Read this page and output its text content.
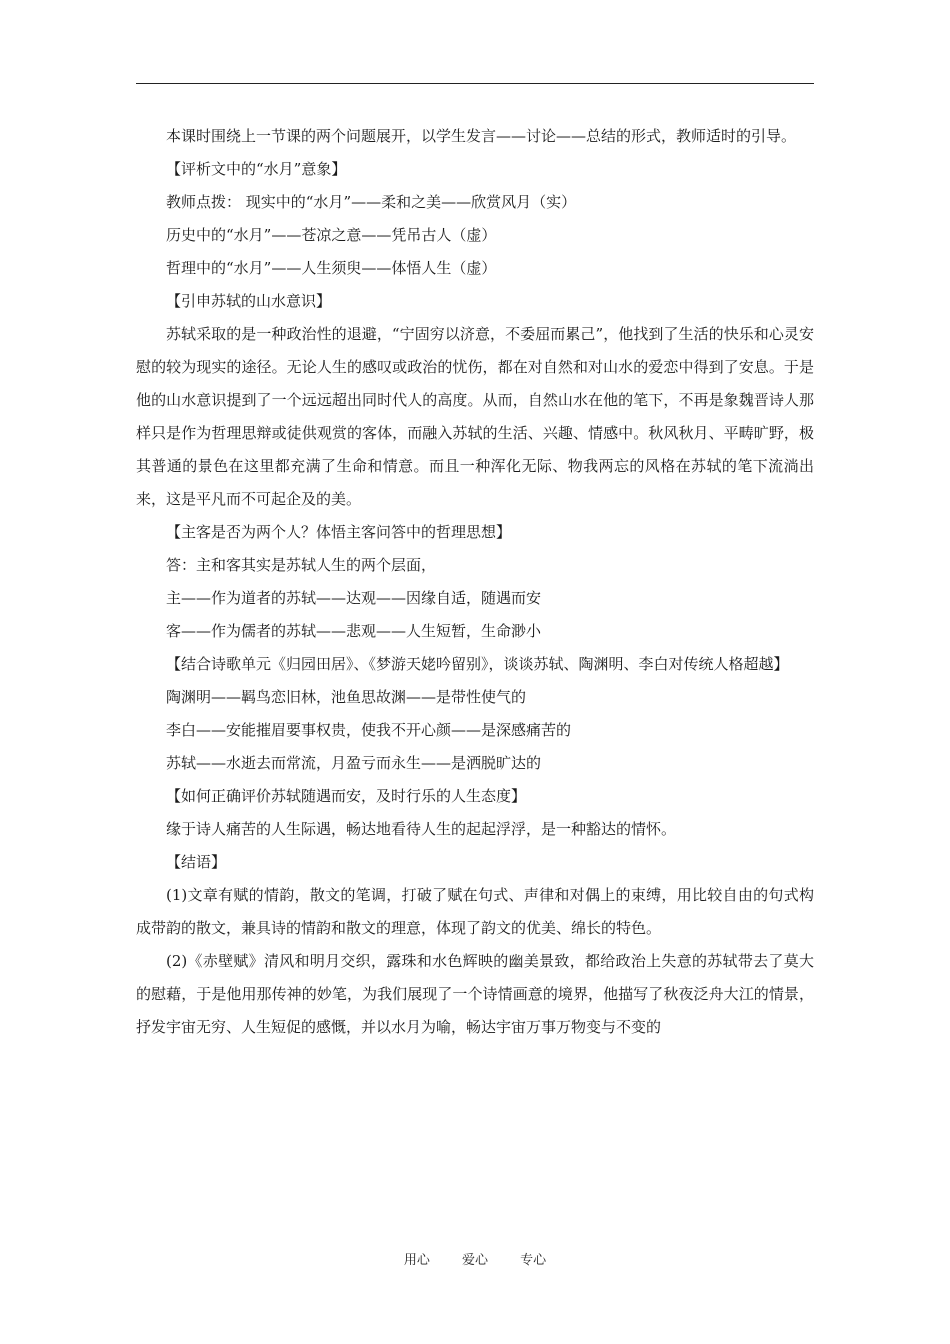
本课时围绕上一节课的两个问题展开，以学生发言——讨论——总结的形式，教师适时的引导。

【评析文中的“水月”意象】

教师点拨： 现实中的“水月”——柔和之美——欣赏风月（实）

历史中的“水月”——苍凉之意——凭吊古人（虚）

哲理中的“水月”——人生须臾——体悟人生（虚）

【引申苏轼的山水意识】

苏轼采取的是一种政治性的退避，“宁固穷以济意，不委屈而累己”，他找到了生活的快乐和心灵安慰的较为现实的途径。无论人生的感叹或政治的忧伤，都在对自然和对山水的爱恋中得到了安息。于是他的山水意识提到了一个远远超出同时代人的高度。从而，自然山水在他的笔下，不再是象魏晋诗人那样只是作为哲理思辩或徒供观赏的客体，而融入苏轼的生活、兴趣、情感中。秋风秋月、平畴旷野，极其普通的景色在这里都充满了生命和情意。而且一种浑化无际、物我两忘的风格在苏轼的笔下流淌出来，这是平凡而不可起企及的美。

【主客是否为两个人？体悟主客问答中的哲理思想】

答：主和客其实是苏轼人生的两个层面，

主——作为道者的苏轼——达观——因缘自适，随遇而安

客——作为儒者的苏轼——悲观——人生短暂，生命渺小

【结合诗歌单元《归园田居》、《梦游天姥吟留别》，谈谈苏轼、陶渊明、李白对传统人格超越】

陶渊明——羁鸟恋旧林，池鱼思故渊——是带性使气的

李白——安能摧眉要事权贵，使我不开心颜——是深感痛苦的

苏轼——水逝去而常流，月盈亏而永生——是洒脱旷达的

【如何正确评价苏轼随遇而安，及时行乐的人生态度】

缘于诗人痛苦的人生际遇，畅达地看待人生的起起浮浮，是一种豁达的情怀。

【结语】

(1)文章有赋的情韵，散文的笔调，打破了赋在句式、声律和对偶上的束缚，用比较自由的句式构成带韵的散文，兼具诗的情韵和散文的理意，体现了韵文的优美、绵长的特色。

(2)《赤壁赋》清风和明月交织，露珠和水色辉映的幽美景致，都给政治上失意的苏轼带去了莫大的慰藉，于是他用那传神的妙笔，为我们展现了一个诗情画意的境界，他描写了秋夜泛舟大江的情景，抒发宇宙无穷、人生短促的感慨，并以水月为喻，畅达宇宙万事万物变与不变的

用心 爱心 专心
